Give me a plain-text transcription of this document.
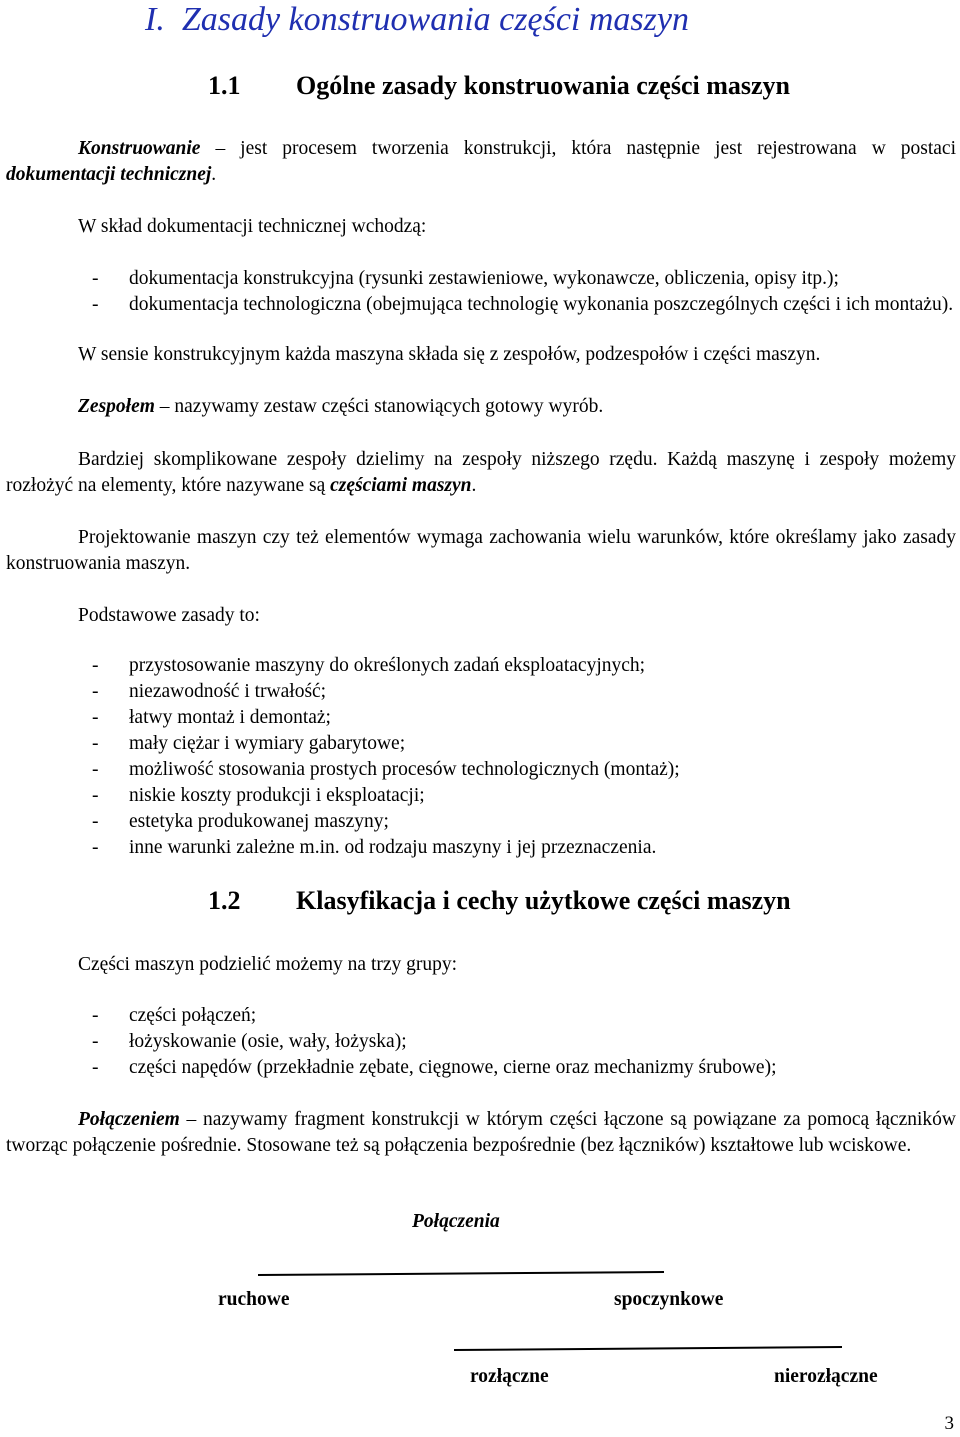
I.  Zasady konstruowania części maszyn
1.1 Ogólne zasady konstruowania części maszyn
Konstruowanie – jest procesem tworzenia konstrukcji, która następnie jest rejestrowana w postaci dokumentacji technicznej.
W skład dokumentacji technicznej wchodzą:
- dokumentacja konstrukcyjna (rysunki zestawieniowe, wykonawcze, obliczenia, opisy itp.);
- dokumentacja technologiczna (obejmująca technologię wykonania poszczególnych części i ich montażu).
W sensie konstrukcyjnym każda maszyna składa się z zespołów, podzespołów i części maszyn.
Zespołem – nazywamy zestaw części stanowiących gotowy wyrób.
Bardziej skomplikowane zespoły dzielimy na zespoły niższego rzędu. Każdą maszynę i zespoły możemy rozłożyć na elementy, które nazywane są częściami maszyn.
Projektowanie maszyn czy też elementów wymaga zachowania wielu warunków, które określamy jako zasady konstruowania maszyn.
Podstawowe zasady to:
- przystosowanie maszyny do określonych zadań eksploatacyjnych;
- niezawodność i trwałość;
- łatwy montaż i demontaż;
- mały ciężar i wymiary gabarytowe;
- możliwość stosowania prostych procesów technologicznych (montaż);
- niskie koszty produkcji i eksploatacji;
- estetyka produkowanej maszyny;
- inne warunki zależne m.in. od rodzaju maszyny i jej przeznaczenia.
1.2 Klasyfikacja i cechy użytkowe części maszyn
Części maszyn podzielić możemy na trzy grupy:
- części połączeń;
- łożyskowanie (osie, wały, łożyska);
- części napędów (przekładnie zębate, cięgnowe, cierne oraz mechanizmy śrubowe);
Połączeniem – nazywamy fragment konstrukcji w którym części łączone są powiązane za pomocą łączników tworząc połączenie pośrednie. Stosowane też są połączenia bezpośrednie (bez łączników) kształtowe lub wciskowe.
Połączenia
ruchowe	spoczynkowe
rozłączne	nierozłączne
3
